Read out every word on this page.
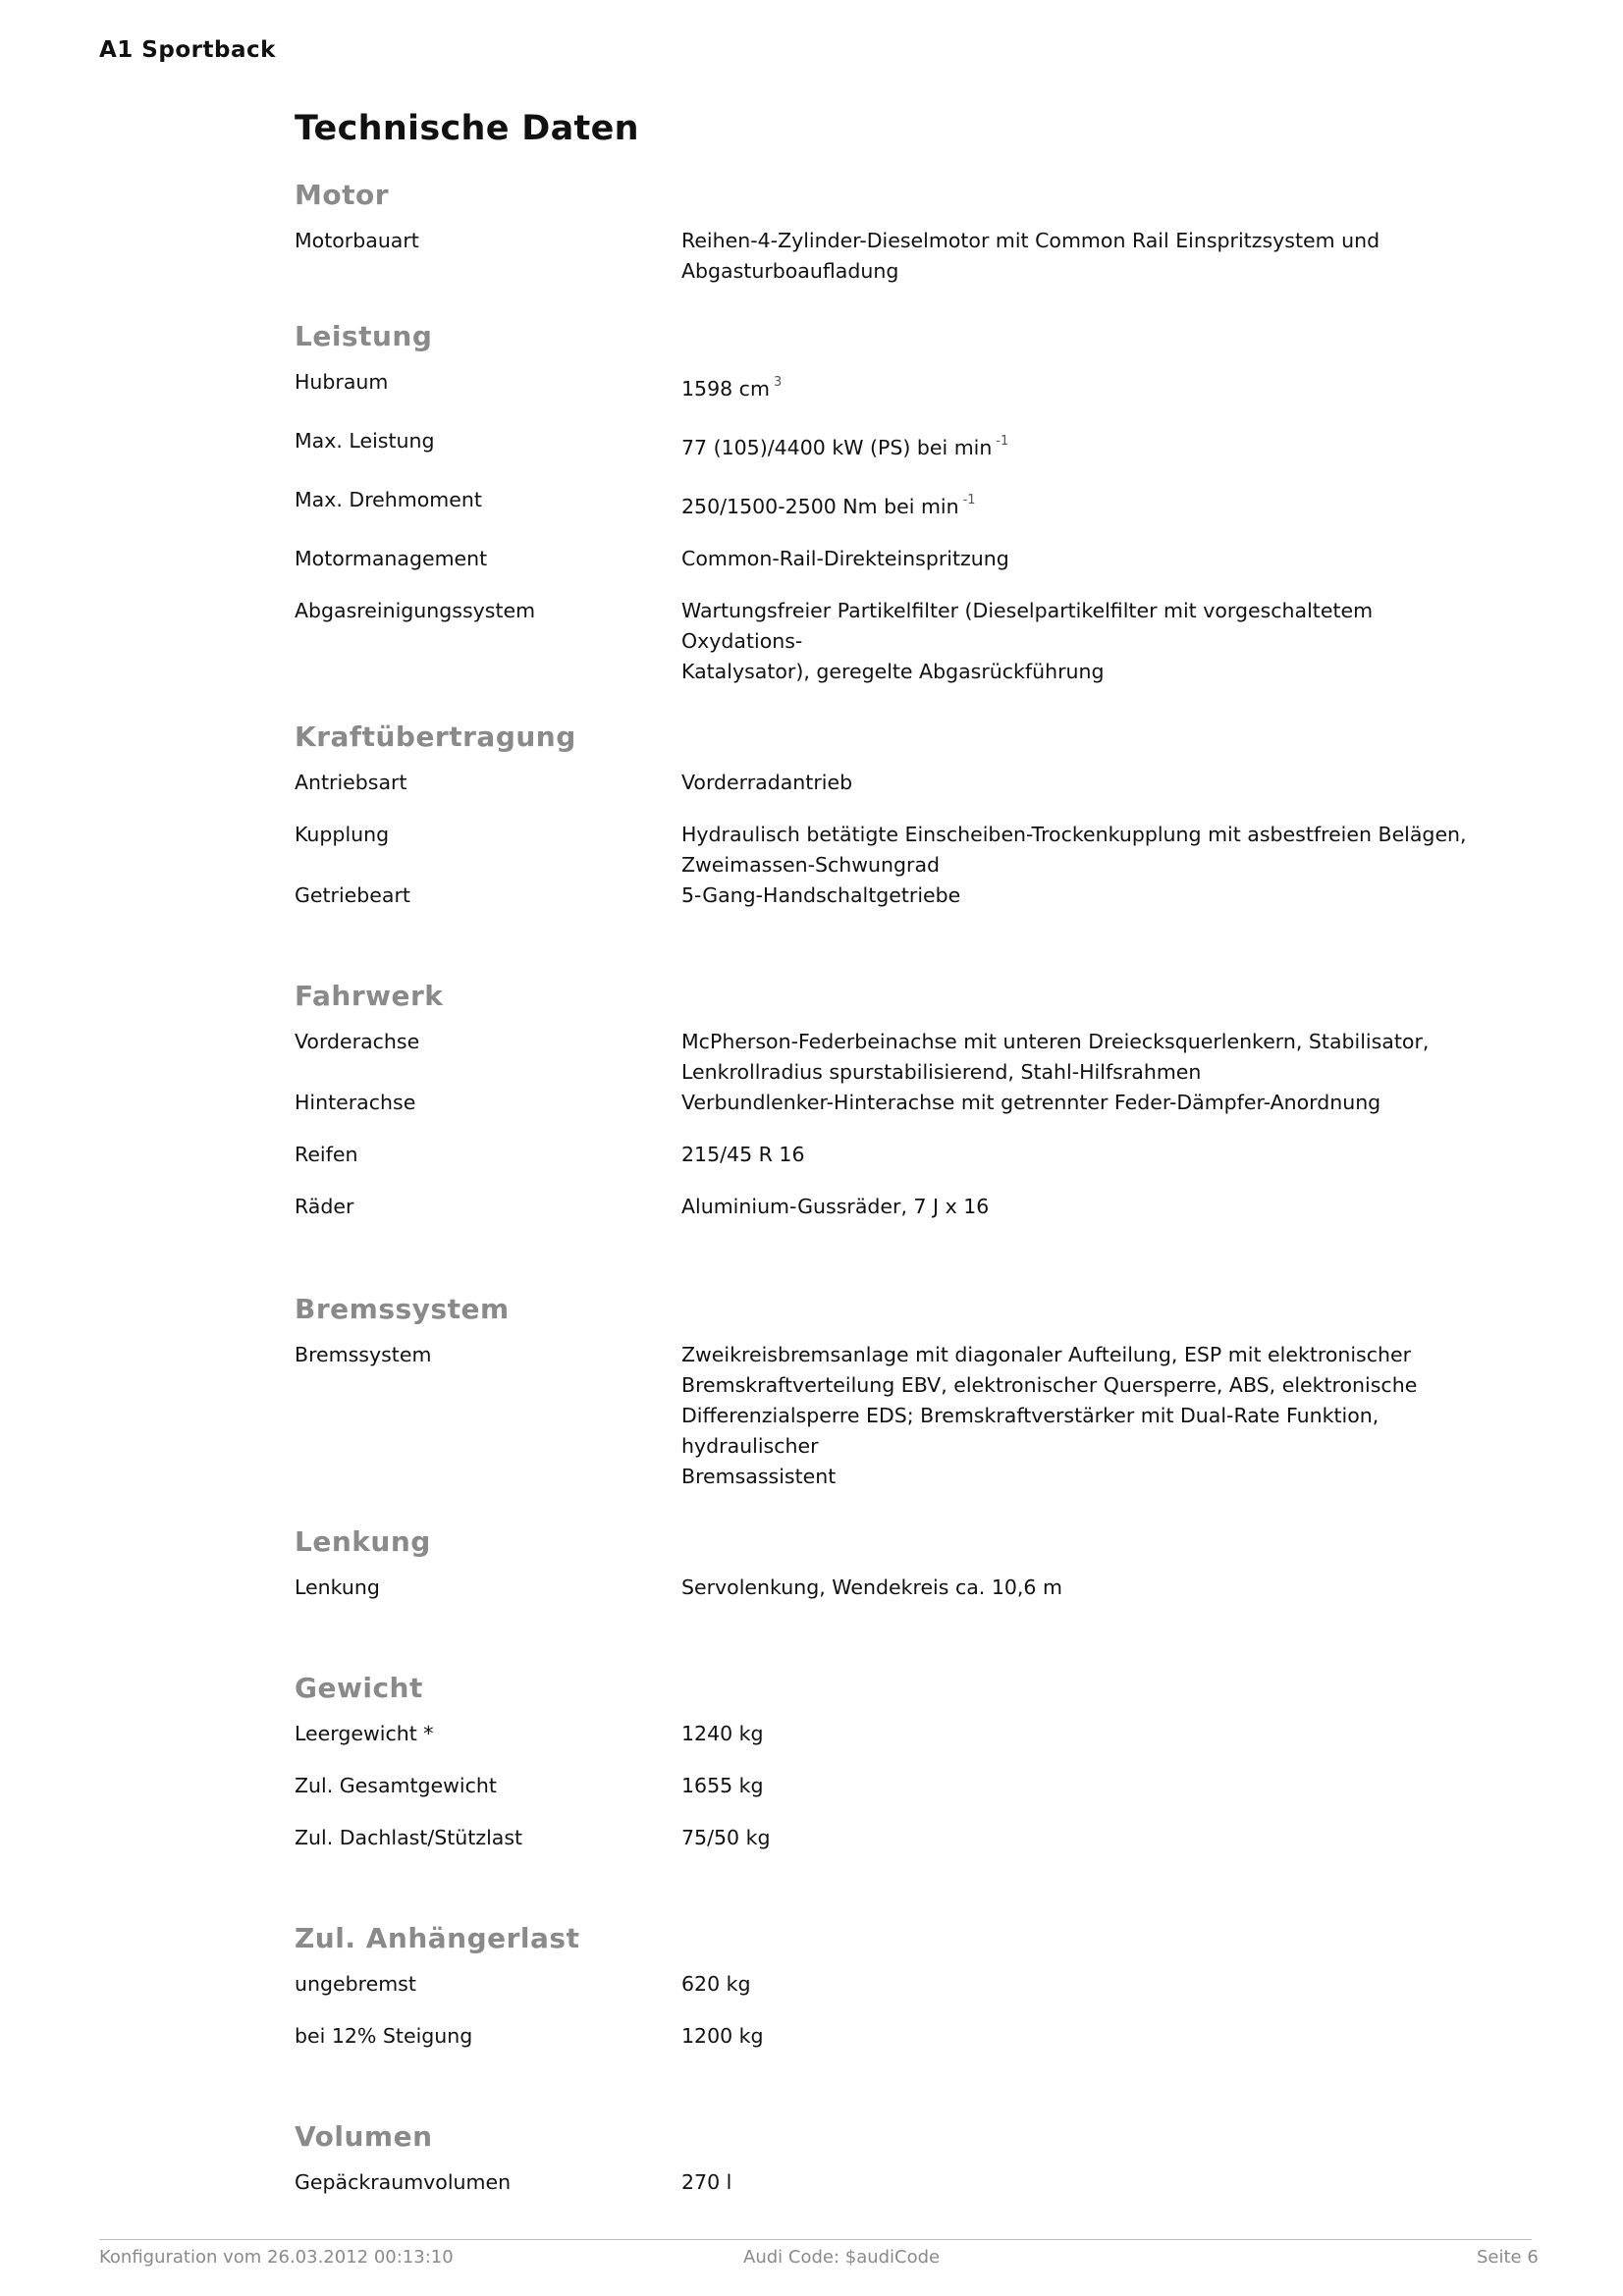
A1 Sportback
Technische Daten
Motor
Motorbauart	Reihen-4-Zylinder-Dieselmotor mit Common Rail Einspritzsystem und
Abgasturboaufladung
Leistung
Hubraum	1598 cm $^3$
Max. Leistung	77 (105)/4400 kW (PS) bei min $^{-1}$
Max. Drehmoment	250/1500-2500 Nm bei min $^{-1}$
Motormanagement	Common-Rail-Direkteinspritzung
Abgasreinigungssystem	Wartungsfreier Partikelfilter (Dieselpartikelfilter mit vorgeschaltetem Oxydations-
Katalysator), geregelte Abgasrückführung
Kraftübertragung
Antriebsart	Vorderradantrieb
Kupplung	Hydraulisch betätigte Einscheiben-Trockenkupplung mit asbestfreien Belägen,
Zweimassen-Schwungrad
Getriebeart	5-Gang-Handschaltgetriebe
Fahrwerk
Vorderachse	McPherson-Federbeinachse mit unteren Dreiecksquerlenkern, Stabilisator,
Lenkrollradius spurstabilisierend, Stahl-Hilfsrahmen
Hinterachse	Verbundlenker-Hinterachse mit getrennter Feder-Dämpfer-Anordnung
Reifen	215/45 R 16
Räder	Aluminium-Gussräder, 7 J x 16
Bremssystem
Bremssystem	Zweikreisbremsanlage mit diagonaler Aufteilung, ESP mit elektronischer
Bremskraftverteilung EBV, elektronischer Quersperre, ABS, elektronische
Differenzialsperre EDS; Bremskraftverstärker mit Dual-Rate Funktion, hydraulischer
Bremsassistent
Lenkung
Lenkung	Servolenkung, Wendekreis ca. 10,6 m
Gewicht
Leergewicht *	1240 kg
Zul. Gesamtgewicht	1655 kg
Zul. Dachlast/Stützlast	75/50 kg
Zul. Anhängerlast
ungebremst	620 kg
bei 12% Steigung	1200 kg
Volumen
Gepäckraumvolumen	270 l
Konfiguration vom 26.03.2012 00:13:10	Audi Code: $audiCode	Seite 6
